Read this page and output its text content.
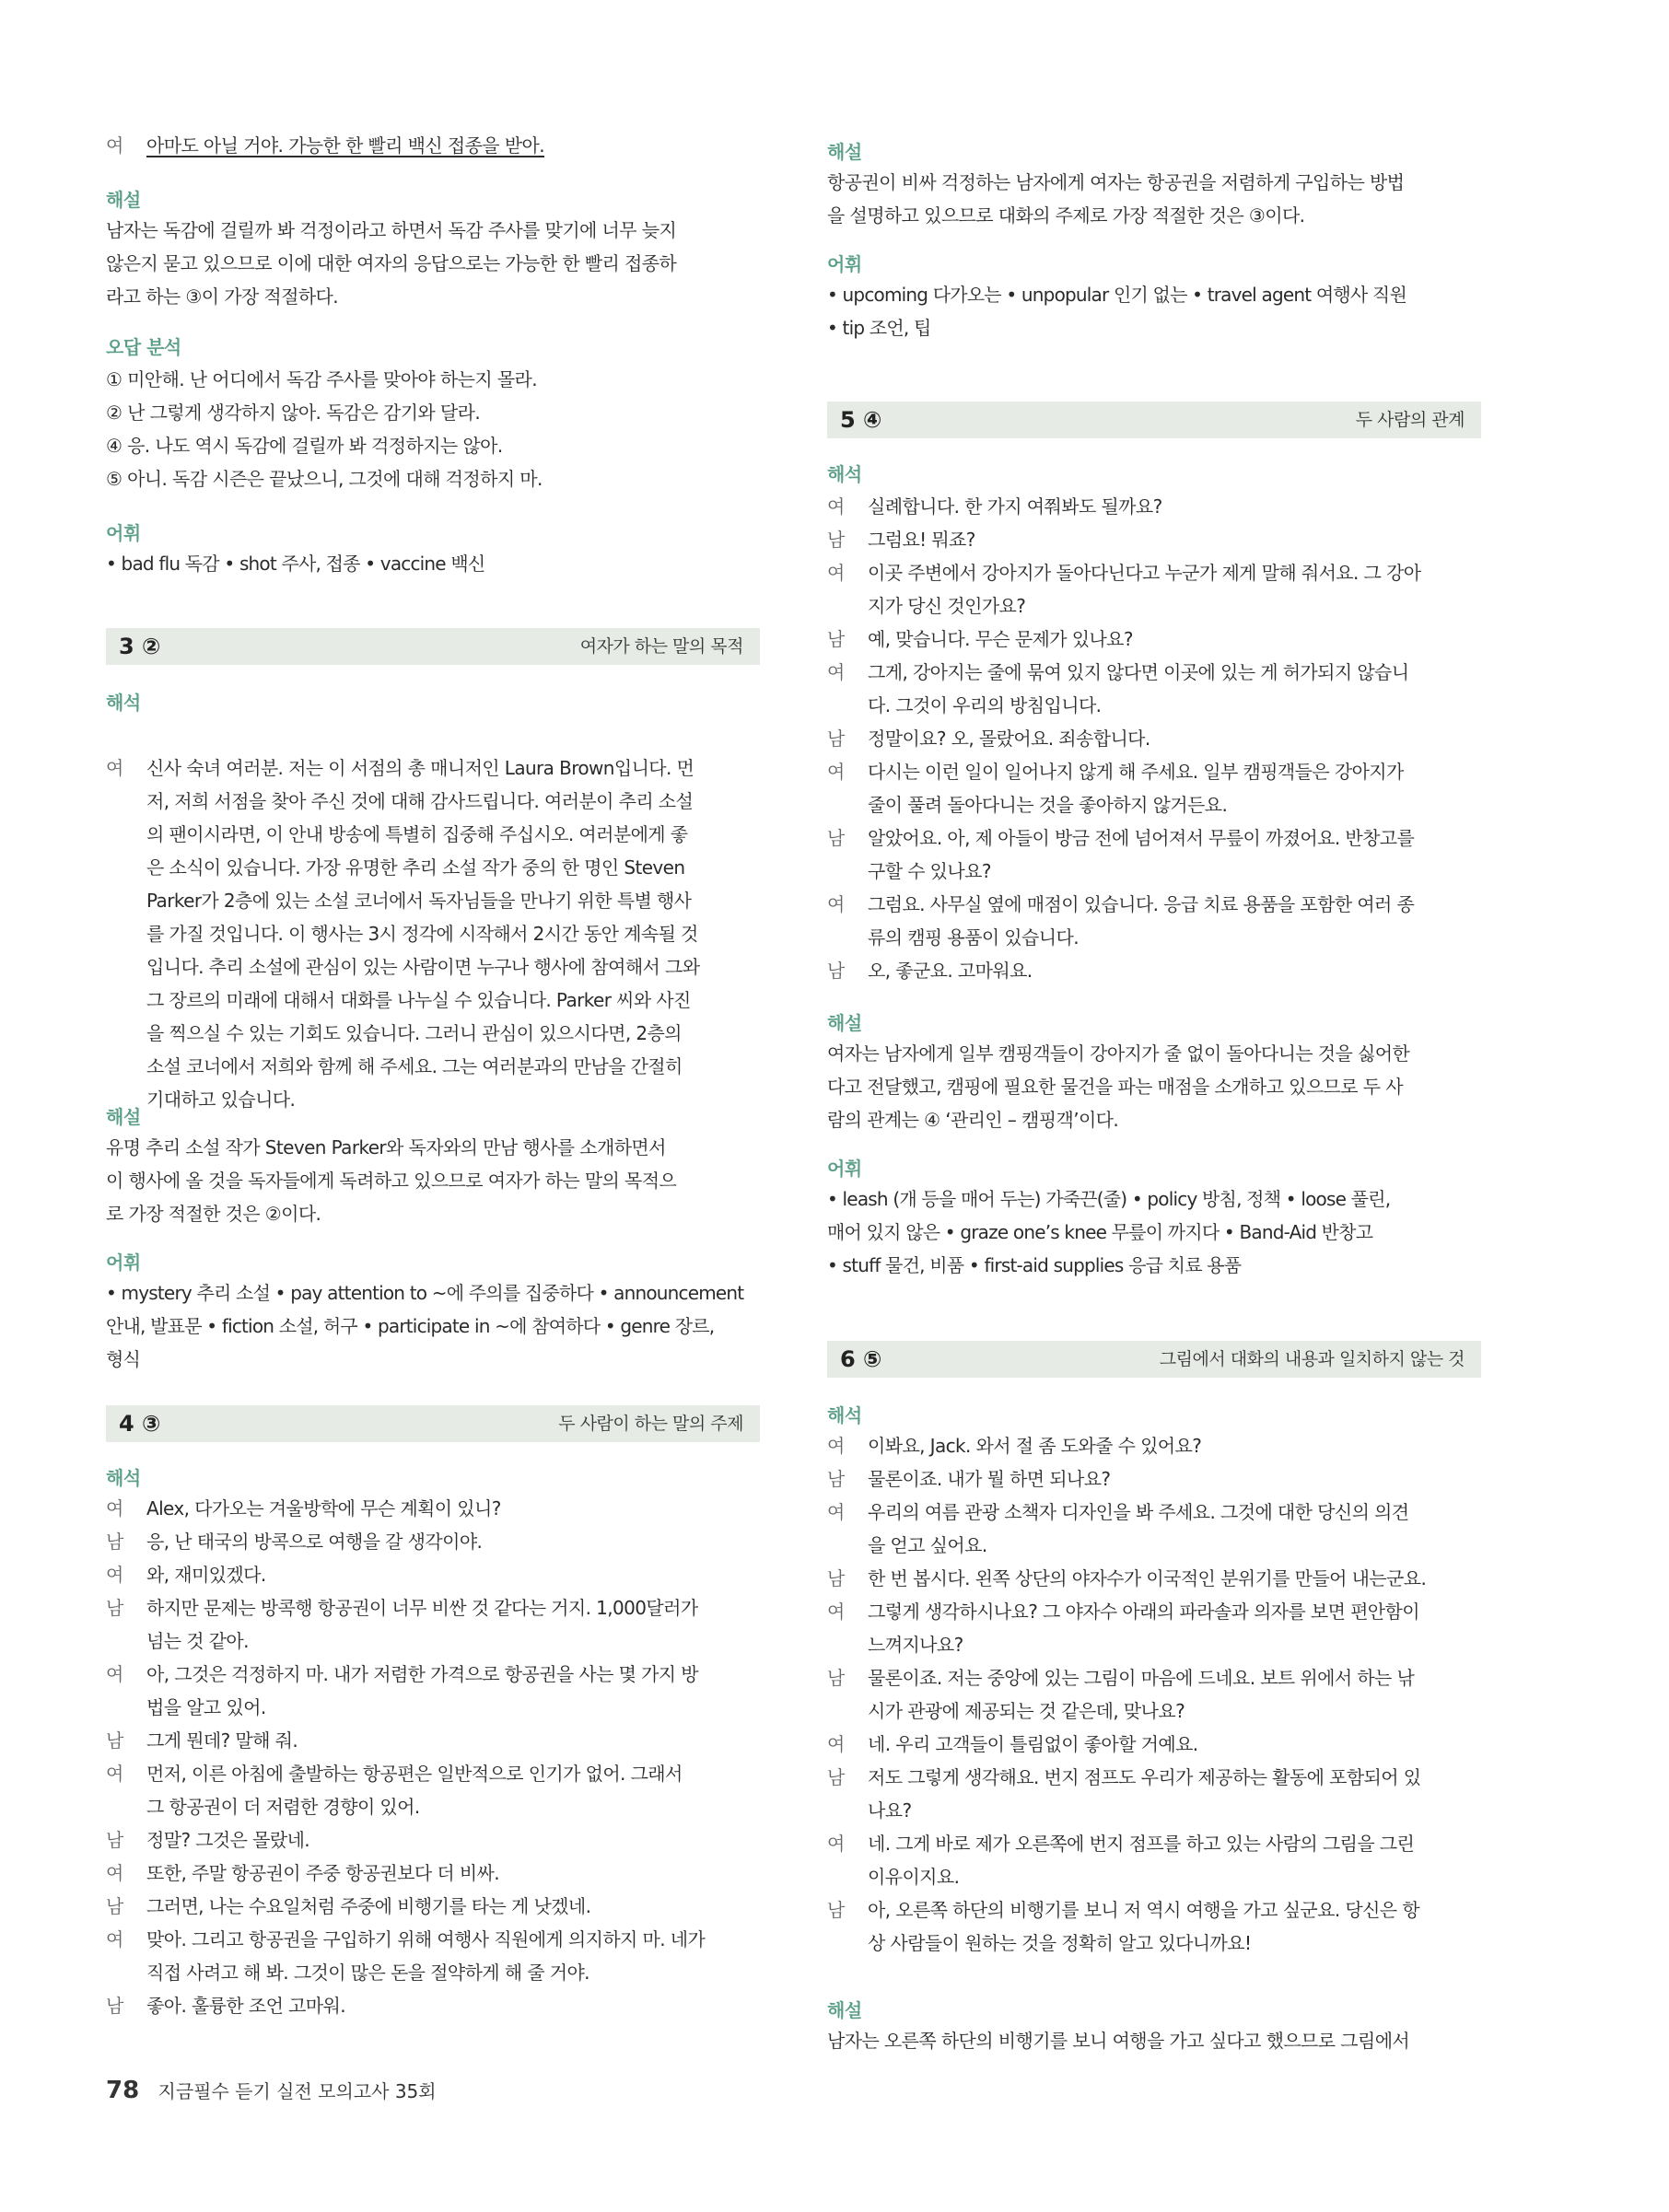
여 아마도 아닐 거야. 가능한 한 빨리 백신 접종을 받아.
해설
남자는 독감에 걸릴까 봐 걱정이라고 하면서 독감 주사를 맞기에 너무 늦지
않은지 묻고 있으므로 이에 대한 여자의 응답으로는 가능한 한 빨리 접종하
라고 하는 ③이 가장 적절하다.
오답 분석
① 미안해. 난 어디에서 독감 주사를 맞아야 하는지 몰라.
② 난 그렇게 생각하지 않아. 독감은 감기와 달라.
④ 응. 나도 역시 독감에 걸릴까 봐 걱정하지는 않아.
⑤ 아니. 독감 시즌은 끝났으니, 그것에 대해 걱정하지 마.
어휘
• bad flu 독감 • shot 주사, 접종 • vaccine 백신
3 ②	여자가 하는 말의 목적
해석
여 신사 숙녀 여러분. 저는 이 서점의 총 매니저인 Laura Brown입니다. 먼
저, 저희 서점을 찾아 주신 것에 대해 감사드립니다. 여러분이 추리 소설
의 팬이시라면, 이 안내 방송에 특별히 집중해 주십시오. 여러분에게 좋
은 소식이 있습니다. 가장 유명한 추리 소설 작가 중의 한 명인 Steven
Parker가 2층에 있는 소설 코너에서 독자님들을 만나기 위한 특별 행사
를 가질 것입니다. 이 행사는 3시 정각에 시작해서 2시간 동안 계속될 것
입니다. 추리 소설에 관심이 있는 사람이면 누구나 행사에 참여해서 그와
그 장르의 미래에 대해서 대화를 나누실 수 있습니다. Parker 씨와 사진
을 찍으실 수 있는 기회도 있습니다. 그러니 관심이 있으시다면, 2층의
소설 코너에서 저희와 함께 해 주세요. 그는 여러분과의 만남을 간절히
기대하고 있습니다.
해설
유명 추리 소설 작가 Steven Parker와 독자와의 만남 행사를 소개하면서
이 행사에 올 것을 독자들에게 독려하고 있으므로 여자가 하는 말의 목적으
로 가장 적절한 것은 ②이다.
어휘
• mystery 추리 소설 • pay attention to ~에 주의를 집중하다 • announcement
안내, 발표문 • fiction 소설, 허구 • participate in ~에 참여하다 • genre 장르,
형식
4 ③	두 사람이 하는 말의 주제
해석
여 Alex, 다가오는 겨울방학에 무슨 계획이 있니?
남 응, 난 태국의 방콕으로 여행을 갈 생각이야.
여 와, 재미있겠다.
남 하지만 문제는 방콕행 항공권이 너무 비싼 것 같다는 거지. 1,000달러가
넘는 것 같아.
여 아, 그것은 걱정하지 마. 내가 저렴한 가격으로 항공권을 사는 몇 가지 방
법을 알고 있어.
남 그게 뭔데? 말해 줘.
여 먼저, 이른 아침에 출발하는 항공편은 일반적으로 인기가 없어. 그래서
그 항공권이 더 저렴한 경향이 있어.
남 정말? 그것은 몰랐네.
여 또한, 주말 항공권이 주중 항공권보다 더 비싸.
남 그러면, 나는 수요일처럼 주중에 비행기를 타는 게 낫겠네.
여 맞아. 그리고 항공권을 구입하기 위해 여행사 직원에게 의지하지 마. 네가
직접 사려고 해 봐. 그것이 많은 돈을 절약하게 해 줄 거야.
남 좋아. 훌륭한 조언 고마워.
해설
항공권이 비싸 걱정하는 남자에게 여자는 항공권을 저렴하게 구입하는 방법
을 설명하고 있으므로 대화의 주제로 가장 적절한 것은 ③이다.
어휘
• upcoming 다가오는 • unpopular 인기 없는 • travel agent 여행사 직원
• tip 조언, 팁
5 ④	두 사람의 관계
해석
여 실례합니다. 한 가지 여쭤봐도 될까요?
남 그럼요! 뭐죠?
여 이곳 주변에서 강아지가 돌아다닌다고 누군가 제게 말해 줘서요. 그 강아
지가 당신 것인가요?
남 예, 맞습니다. 무슨 문제가 있나요?
여 그게, 강아지는 줄에 묶여 있지 않다면 이곳에 있는 게 허가되지 않습니
다. 그것이 우리의 방침입니다.
남 정말이요? 오, 몰랐어요. 죄송합니다.
여 다시는 이런 일이 일어나지 않게 해 주세요. 일부 캠핑객들은 강아지가
줄이 풀려 돌아다니는 것을 좋아하지 않거든요.
남 알았어요. 아, 제 아들이 방금 전에 넘어져서 무릎이 까졌어요. 반창고를
구할 수 있나요?
여 그럼요. 사무실 옆에 매점이 있습니다. 응급 치료 용품을 포함한 여러 종
류의 캠핑 용품이 있습니다.
남 오, 좋군요. 고마워요.
해설
여자는 남자에게 일부 캠핑객들이 강아지가 줄 없이 돌아다니는 것을 싫어한
다고 전달했고, 캠핑에 필요한 물건을 파는 매점을 소개하고 있으므로 두 사
람의 관계는 ④ ‘관리인 – 캠핑객’이다.
어휘
• leash (개 등을 매어 두는) 가죽끈(줄) • policy 방침, 정책 • loose 풀린,
매어 있지 않은 • graze one’s knee 무릎이 까지다 • Band-Aid 반창고
• stuff 물건, 비품 • first-aid supplies 응급 치료 용품
6 ⑤	그림에서 대화의 내용과 일치하지 않는 것
해석
여 이봐요, Jack. 와서 절 좀 도와줄 수 있어요?
남 물론이죠. 내가 뭘 하면 되나요?
여 우리의 여름 관광 소책자 디자인을 봐 주세요. 그것에 대한 당신의 의견
을 얻고 싶어요.
남 한 번 봅시다. 왼쪽 상단의 야자수가 이국적인 분위기를 만들어 내는군요.
여 그렇게 생각하시나요? 그 야자수 아래의 파라솔과 의자를 보면 편안함이
느껴지나요?
남 물론이죠. 저는 중앙에 있는 그림이 마음에 드네요. 보트 위에서 하는 낚
시가 관광에 제공되는 것 같은데, 맞나요?
여 네. 우리 고객들이 틀림없이 좋아할 거예요.
남 저도 그렇게 생각해요. 번지 점프도 우리가 제공하는 활동에 포함되어 있
나요?
여 네. 그게 바로 제가 오른쪽에 번지 점프를 하고 있는 사람의 그림을 그린
이유이지요.
남 아, 오른쪽 하단의 비행기를 보니 저 역시 여행을 가고 싶군요. 당신은 항
상 사람들이 원하는 것을 정확히 알고 있다니까요!
해설
남자는 오른쪽 하단의 비행기를 보니 여행을 가고 싶다고 했으므로 그림에서
78 지금필수 듣기 실전 모의고사 35회
